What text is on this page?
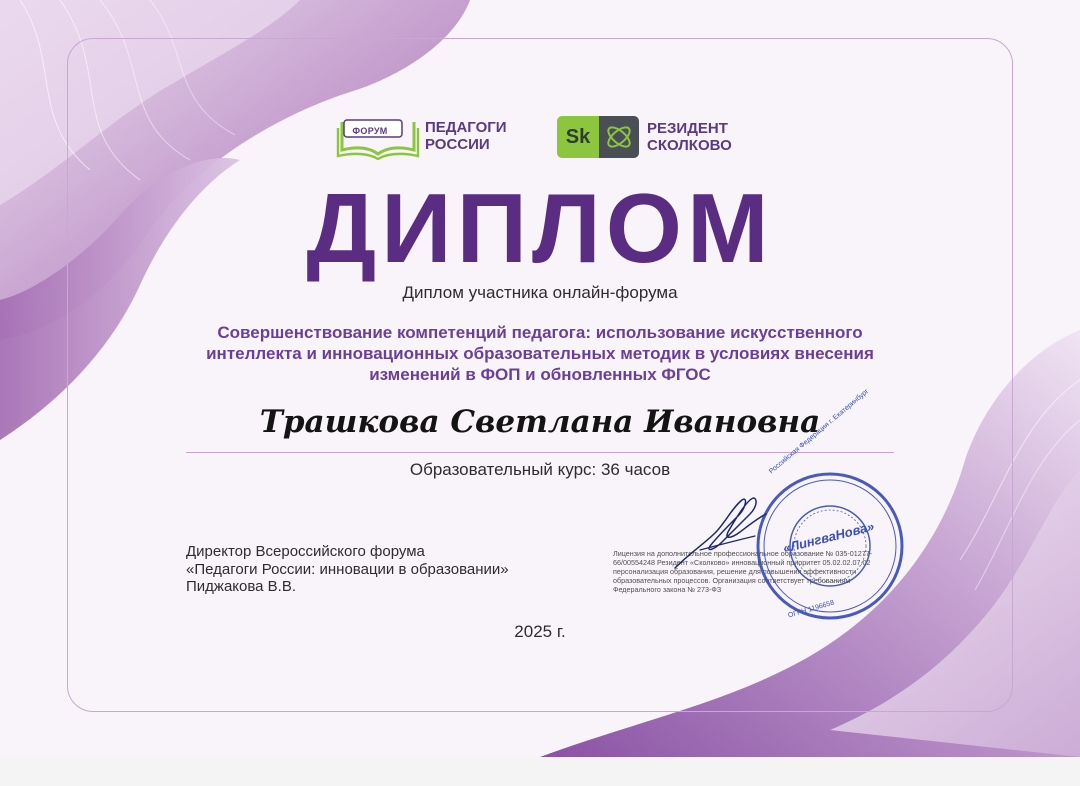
ФОРУМ	ПЕДАГОГИ
РОССИИ	Sk	РЕЗИДЕНТ
СКОЛКОВО
ДИПЛОМ
Диплом участника онлайн-форума
Совершенствование компетенций педагога: использование искусственного интеллекта и инновационных образовательных методик в условиях внесения изменений в ФОП и обновленных ФГОС
Трашкова Светлана Ивановна
Образовательный курс: 36 часов
Директор Всероссийского форума
«Педагоги России: инновации в образовании»
Пиджакова В.В.
Лицензия на дополнительное профессиональное образование № 035-01277-66/00554248 Резидент «Сколково» инновационный приоритет 05.02.02.07.02 персонализация образования, решение для повышения эффективности образовательных процессов. Организация соответствует требованиям Федерального закона № 273-ФЗ
Российская Федерация г. Екатеринбург
«ЛингваНова»
ОГРН 1196658
2025 г.
